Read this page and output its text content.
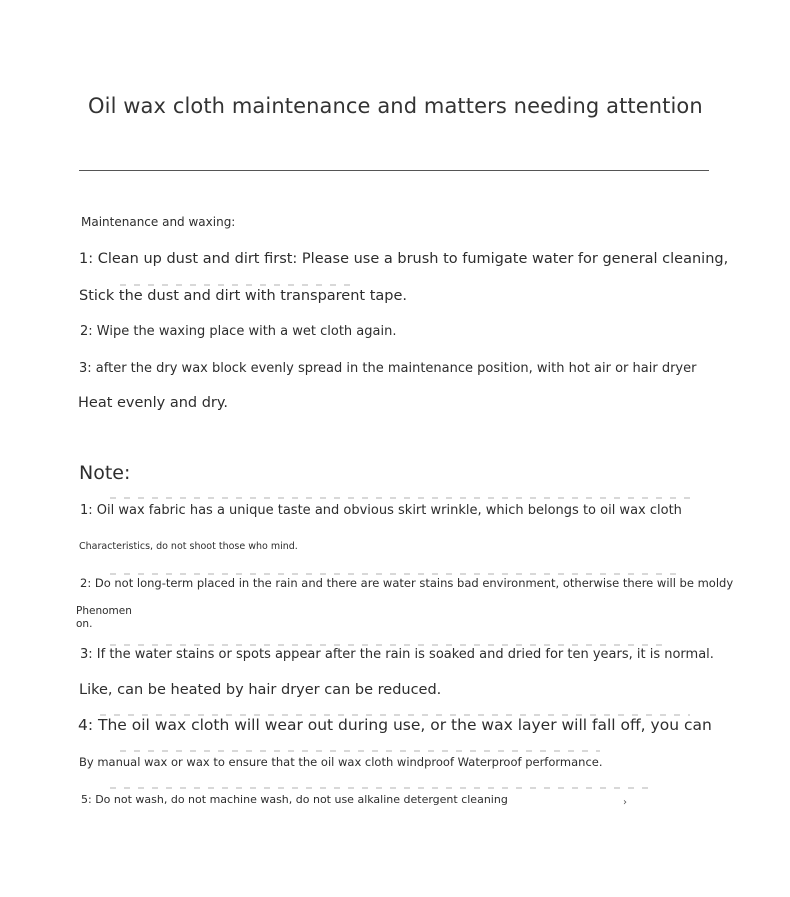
Oil wax cloth maintenance and matters needing attention
Maintenance and waxing:
1: Clean up dust and dirt first: Please use a brush to fumigate water for general cleaning,
Stick the dust and dirt with transparent tape.
2: Wipe the waxing place with a wet cloth again.
3: after the dry wax block evenly spread in the maintenance position, with hot air or hair dryer
Heat evenly and dry.
Note:
1: Oil wax fabric has a unique taste and obvious skirt wrinkle, which belongs to oil wax cloth
Characteristics, do not shoot those who mind.
2: Do not long-term placed in the rain and there are water stains bad environment, otherwise there will be moldy
Phenomen
on.
3: If the water stains or spots appear after the rain is soaked and dried for ten years, it is normal.
Like, can be heated by hair dryer can be reduced.
4: The oil wax cloth will wear out during use, or the wax layer will fall off, you can
By manual wax or wax to ensure that the oil wax cloth windproof Waterproof performance.
5: Do not wash, do not machine wash, do not use alkaline detergent cleaning	›
